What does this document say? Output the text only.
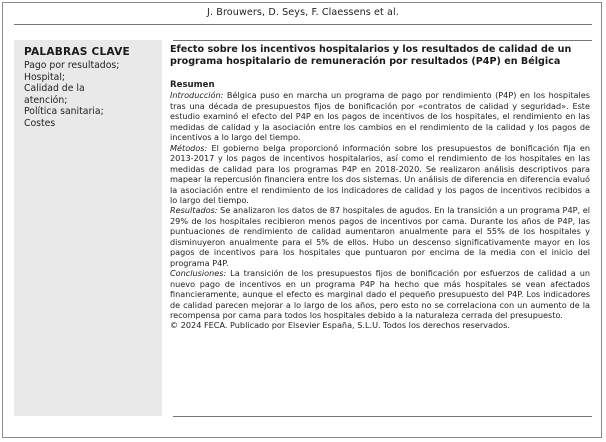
J. Brouwers, D. Seys, F. Claessens et al.
PALABRAS CLAVE
Pago por resultados;
Hospital;
Calidad de la
atención;
Política sanitaria;
Costes
Efecto sobre los incentivos hospitalarios y los resultados de calidad de un programa hospitalario de remuneración por resultados (P4P) en Bélgica

Resumen

Introducción: Bélgica puso en marcha un programa de pago por rendimiento (P4P) en los hospitales tras una década de presupuestos fijos de bonificación por «contratos de calidad y seguridad». Este estudio examinó el efecto del P4P en los pagos de incentivos de los hospitales, el rendimiento en las medidas de calidad y la asociación entre los cambios en el rendimiento de la calidad y los pagos de incentivos a lo largo del tiempo.

Métodos: El gobierno belga proporcionó información sobre los presupuestos de bonificación fija en 2013-2017 y los pagos de incentivos hospitalarios, así como el rendimiento de los hospitales en las medidas de calidad para los programas P4P en 2018-2020. Se realizaron análisis descriptivos para mapear la repercusión financiera entre los dos sistemas. Un análisis de diferencia en diferencia evaluó la asociación entre el rendimiento de los indicadores de calidad y los pagos de incentivos recibidos a lo largo del tiempo.

Resultados: Se analizaron los datos de 87 hospitales de agudos. En la transición a un programa P4P, el 29% de los hospitales recibieron menos pagos de incentivos por cama. Durante los años de P4P, las puntuaciones de rendimiento de calidad aumentaron anualmente para el 55% de los hospitales y disminuyeron anualmente para el 5% de ellos. Hubo un descenso significativamente mayor en los pagos de incentivos para los hospitales que puntuaron por encima de la media con el inicio del programa P4P.

Conclusiones: La transición de los presupuestos fijos de bonificación por esfuerzos de calidad a un nuevo pago de incentivos en un programa P4P ha hecho que más hospitales se vean afectados financieramente, aunque el efecto es marginal dado el pequeño presupuesto del P4P. Los indicadores de calidad parecen mejorar a lo largo de los años, pero esto no se correlaciona con un aumento de la recompensa por cama para todos los hospitales debido a la naturaleza cerrada del presupuesto.

© 2024 FECA. Publicado por Elsevier España, S.L.U. Todos los derechos reservados.
